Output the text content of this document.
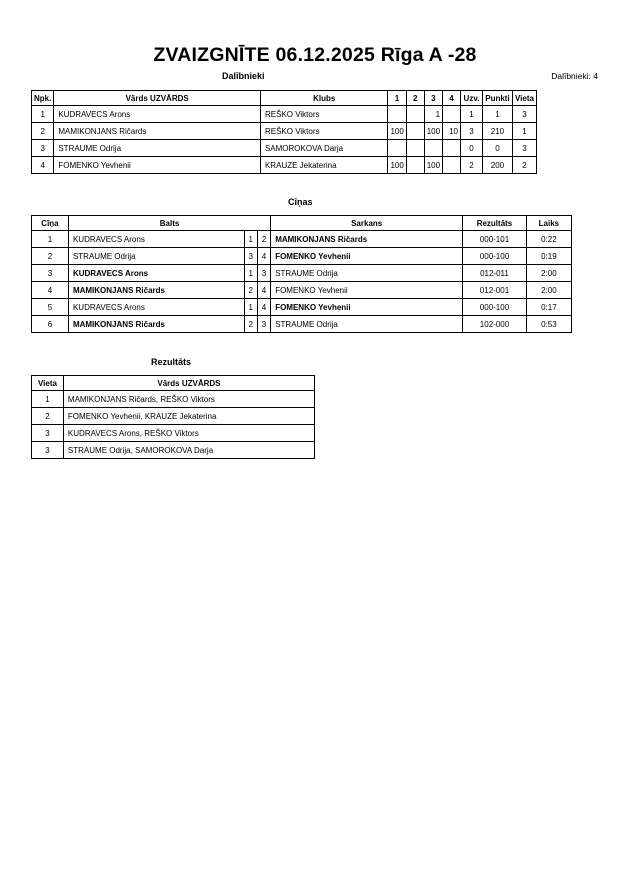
ZVAIZGNĪTE 06.12.2025 Rīga A -28
Dalībnieki	Dalībnieki: 4
Npk.	Vārds UZVĀRDS	Klubs	1	2	3	4	Uzv.	Punkti	Vieta
1	KUDRAVECS Arons	REŠKO Viktors			1		1	1	3
2	MAMIKONJANS Ričards	REŠKO Viktors	100		100	10	3	210	1
3	STRAUME Odrija	SAMOROKOVA Darja					0	0	3
4	FOMENKO Yevhenii	KRAUZE Jekaterina	100		100		2	200	2
Cīņas
Cīņa	Balts			Sarkans	Rezultāts	Laiks
1	KUDRAVECS Arons	1	2	MAMIKONJANS Ričards	000-101	0:22
2	STRAUME Odrija	3	4	FOMENKO Yevhenii	000-100	0:19
3	KUDRAVECS Arons	1	3	STRAUME Odrija	012-011	2:00
4	MAMIKONJANS Ričards	2	4	FOMENKO Yevhenii	012-001	2:00
5	KUDRAVECS Arons	1	4	FOMENKO Yevhenii	000-100	0:17
6	MAMIKONJANS Ričards	2	3	STRAUME Odrija	102-000	0:53
Rezultāts
Vieta	Vārds UZVĀRDS
1	MAMIKONJANS Ričards, REŠKO Viktors
2	FOMENKO Yevhenii, KRAUZE Jekaterina
3	KUDRAVECS Arons, REŠKO Viktors
3	STRAUME Odrija, SAMOROKOVA Darja
